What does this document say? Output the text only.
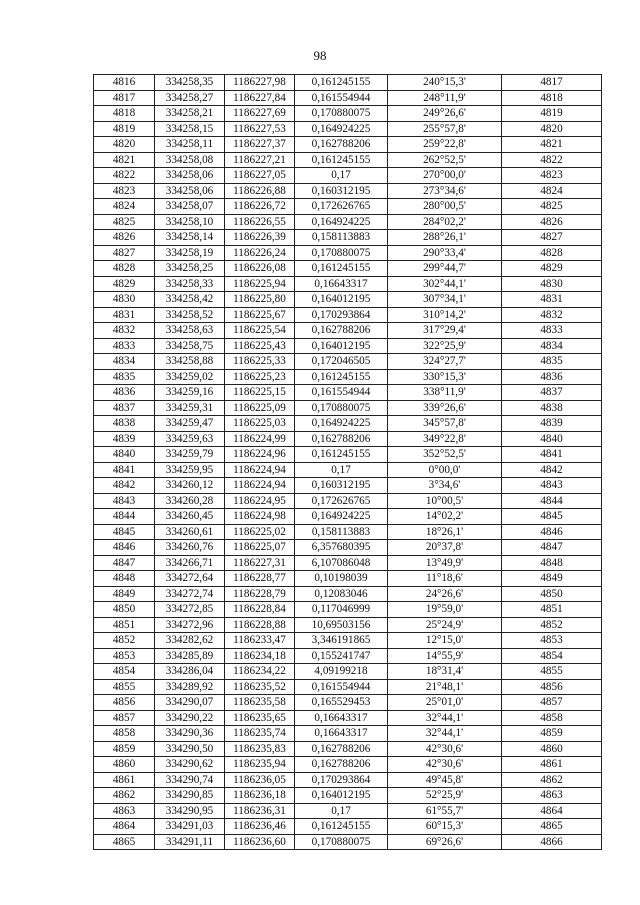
98
4816	334258,35	1186227,98	0,161245155	240°15,3'	4817
4817	334258,27	1186227,84	0,161554944	248°11,9'	4818
4818	334258,21	1186227,69	0,170880075	249°26,6'	4819
4819	334258,15	1186227,53	0,164924225	255°57,8'	4820
4820	334258,11	1186227,37	0,162788206	259°22,8'	4821
4821	334258,08	1186227,21	0,161245155	262°52,5'	4822
4822	334258,06	1186227,05	0,17	270°00,0'	4823
4823	334258,06	1186226,88	0,160312195	273°34,6'	4824
4824	334258,07	1186226,72	0,172626765	280°00,5'	4825
4825	334258,10	1186226,55	0,164924225	284°02,2'	4826
4826	334258,14	1186226,39	0,158113883	288°26,1'	4827
4827	334258,19	1186226,24	0,170880075	290°33,4'	4828
4828	334258,25	1186226,08	0,161245155	299°44,7'	4829
4829	334258,33	1186225,94	0,16643317	302°44,1'	4830
4830	334258,42	1186225,80	0,164012195	307°34,1'	4831
4831	334258,52	1186225,67	0,170293864	310°14,2'	4832
4832	334258,63	1186225,54	0,162788206	317°29,4'	4833
4833	334258,75	1186225,43	0,164012195	322°25,9'	4834
4834	334258,88	1186225,33	0,172046505	324°27,7'	4835
4835	334259,02	1186225,23	0,161245155	330°15,3'	4836
4836	334259,16	1186225,15	0,161554944	338°11,9'	4837
4837	334259,31	1186225,09	0,170880075	339°26,6'	4838
4838	334259,47	1186225,03	0,164924225	345°57,8'	4839
4839	334259,63	1186224,99	0,162788206	349°22,8'	4840
4840	334259,79	1186224,96	0,161245155	352°52,5'	4841
4841	334259,95	1186224,94	0,17	0°00,0'	4842
4842	334260,12	1186224,94	0,160312195	3°34,6'	4843
4843	334260,28	1186224,95	0,172626765	10°00,5'	4844
4844	334260,45	1186224,98	0,164924225	14°02,2'	4845
4845	334260,61	1186225,02	0,158113883	18°26,1'	4846
4846	334260,76	1186225,07	6,357680395	20°37,8'	4847
4847	334266,71	1186227,31	6,107086048	13°49,9'	4848
4848	334272,64	1186228,77	0,10198039	11°18,6'	4849
4849	334272,74	1186228,79	0,12083046	24°26,6'	4850
4850	334272,85	1186228,84	0,117046999	19°59,0'	4851
4851	334272,96	1186228,88	10,69503156	25°24,9'	4852
4852	334282,62	1186233,47	3,346191865	12°15,0'	4853
4853	334285,89	1186234,18	0,155241747	14°55,9'	4854
4854	334286,04	1186234,22	4,09199218	18°31,4'	4855
4855	334289,92	1186235,52	0,161554944	21°48,1'	4856
4856	334290,07	1186235,58	0,165529453	25°01,0'	4857
4857	334290,22	1186235,65	0,16643317	32°44,1'	4858
4858	334290,36	1186235,74	0,16643317	32°44,1'	4859
4859	334290,50	1186235,83	0,162788206	42°30,6'	4860
4860	334290,62	1186235,94	0,162788206	42°30,6'	4861
4861	334290,74	1186236,05	0,170293864	49°45,8'	4862
4862	334290,85	1186236,18	0,164012195	52°25,9'	4863
4863	334290,95	1186236,31	0,17	61°55,7'	4864
4864	334291,03	1186236,46	0,161245155	60°15,3'	4865
4865	334291,11	1186236,60	0,170880075	69°26,6'	4866
